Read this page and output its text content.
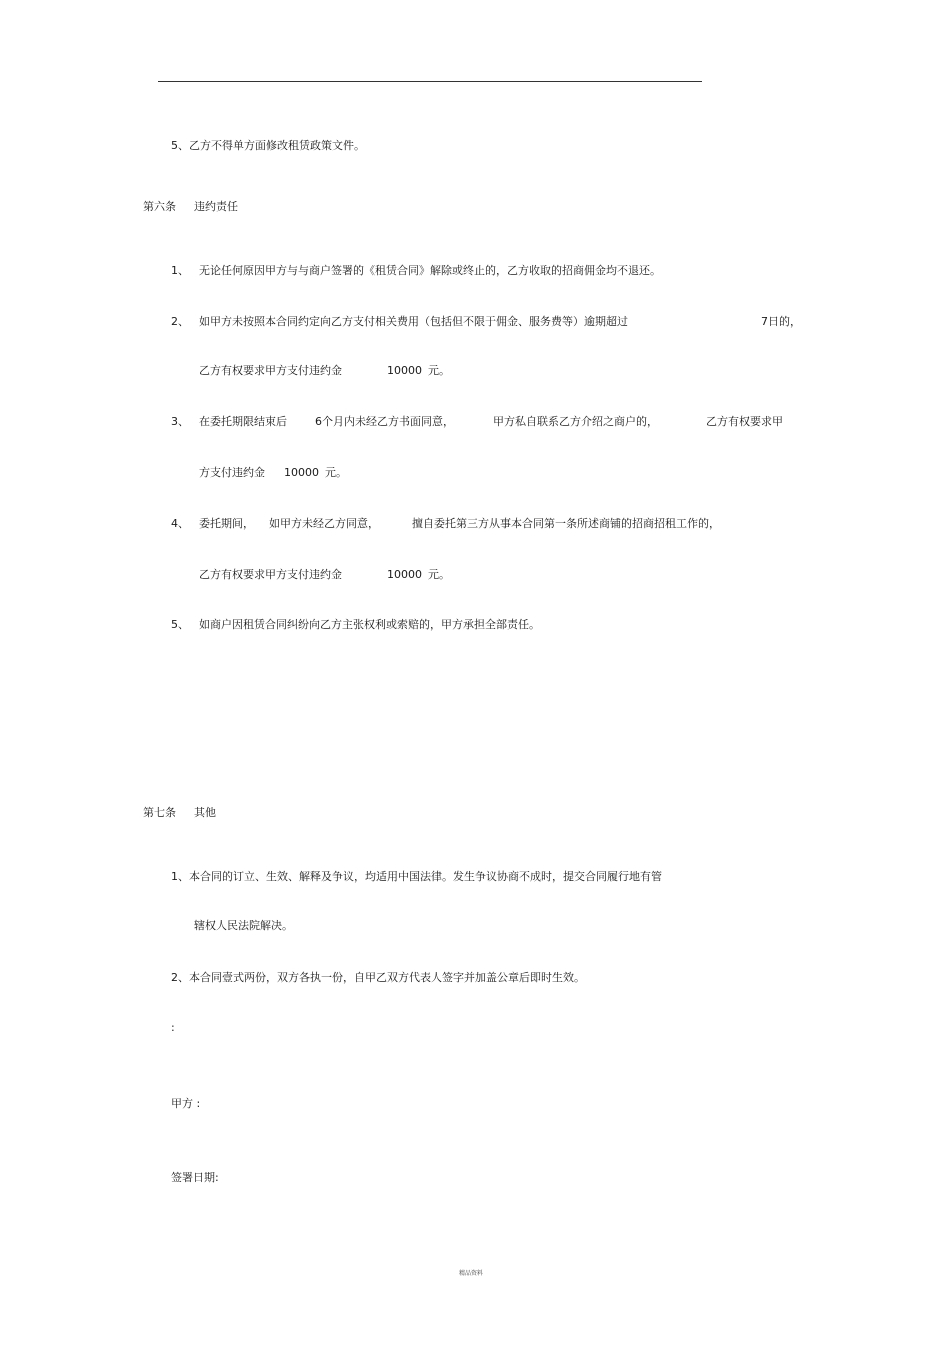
5、乙方不得单方面修改租赁政策文件。
第六条 违约责任
1、 无论任何原因甲方与与商户签署的《租赁合同》解除或终止的，乙方收取的招商佣金均不退还。
2、 如甲方未按照本合同约定向乙方支付相关费用（包括但不限于佣金、服务费等）逾期超过	7日的，
乙方有权要求甲方支付违约金	10000 元。
3、 在委托期限结束后	6个月内未经乙方书面同意，	甲方私自联系乙方介绍之商户的，	乙方有权要求甲
方支付违约金 10000 元。
4、 委托期间， 如甲方未经乙方同意，	擅自委托第三方从事本合同第一条所述商铺的招商招租工作的，
乙方有权要求甲方支付违约金	10000 元。
5、 如商户因租赁合同纠纷向乙方主张权利或索赔的，甲方承担全部责任。
第七条 其他
1、本合同的订立、生效、解释及争议，均适用中国法律。发生争议协商不成时，提交合同履行地有管
辖权人民法院解决。
2、本合同壹式两份，双方各执一份，自甲乙双方代表人签字并加盖公章后即时生效。
:
甲方 :
签署日期:
精品资料
